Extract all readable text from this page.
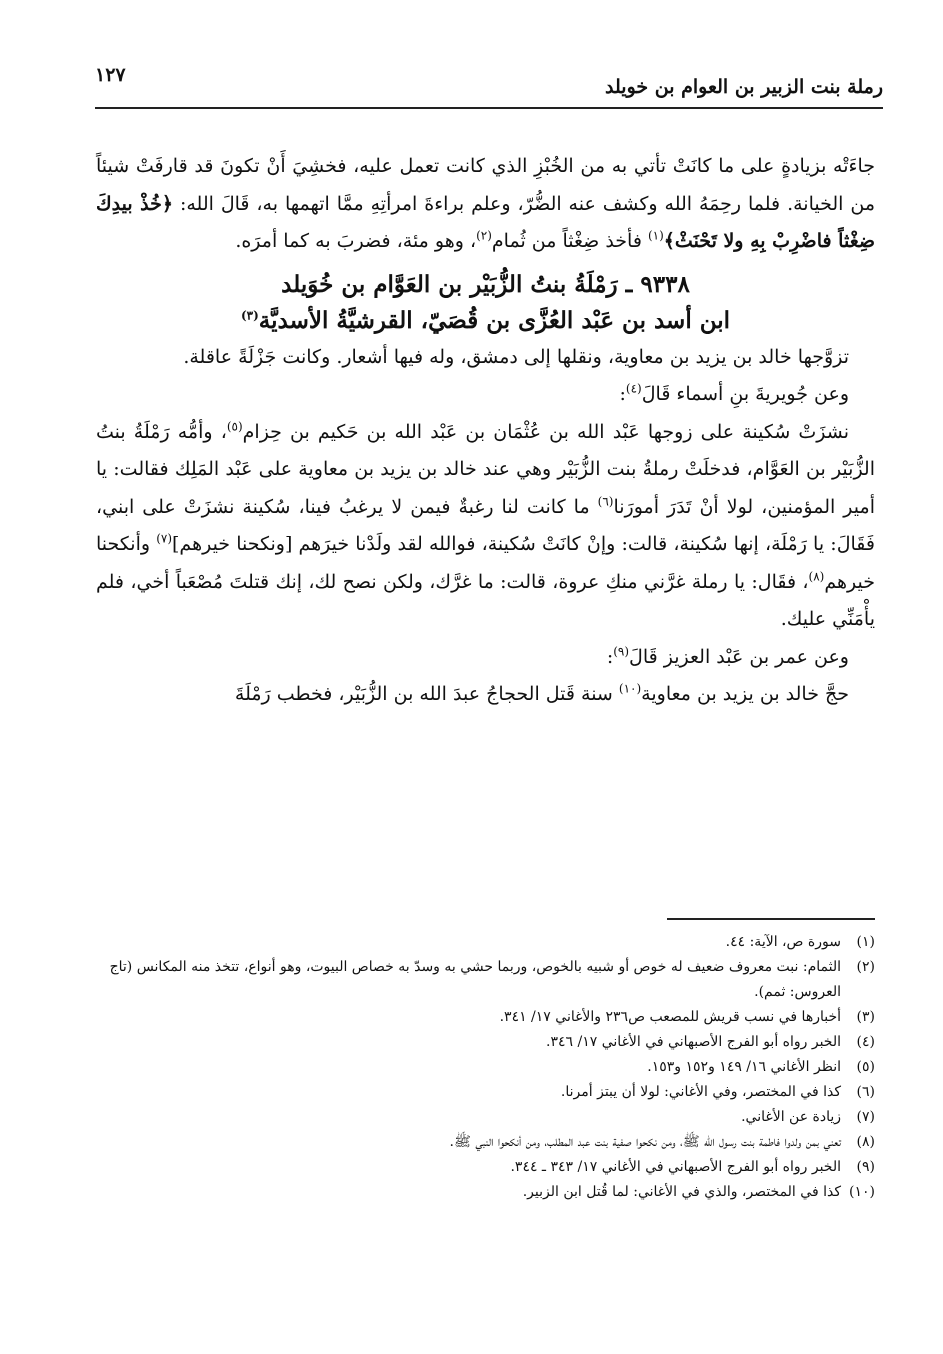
رملة بنت الزبير بن العوام بن خويلد
١٢٧

جاءَتْه بزيادةٍ على ما كانَتْ تأتي به من الخُبْزِ الذي كانت تعمل عليه، فخشِيَ أَنْ تكونَ قد قارفَتْ شيئاً من الخيانة. فلما رحِمَهُ الله وكشف عنه الضُّرّ، وعلم براءةَ امرأتِهِ ممَّا اتهمها به، قَالَ الله: ﴿خُذْ بيدِكَ ضِغْثاً فاضْرِبْ بِهِ ولا تَحْنَثْ﴾$^{(١)}$ فأخذ ضِغْثاً من ثُمام$^{(٢)}$، وهو مئة، فضربَ به كما أمرَه.

٩٣٣٨ ـ رَمْلَةُ بنتُ الزُّبَيْر بن العَوَّام بن خُوَيلد
ابن أسد بن عَبْد العُزَّى بن قُصَيّ، القرشيَّةُ الأسديَّة$^{(٣)}$

تزوَّجها خالد بن يزيد بن معاوية، ونقلها إلى دمشق، وله فيها أشعار. وكانت جَزْلَةً عاقلة.

وعن جُويريةَ بنِ أسماء قَالَ$^{(٤)}$:

نشزَتْ سُكينة على زوجها عَبْد الله بن عُثْمَان بن عَبْد الله بن حَكيم بن حِزام$^{(٥)}$، وأمُّه رَمْلَةُ بنتُ الزُّبَيْر بن العَوَّام، فدخلَتْ رملةُ بنت الزُّبَيْر وهي عند خالد بن يزيد بن معاوية على عَبْد المَلِك فقالت: يا أمير المؤمنين، لولا أنْ تَدَرَ أمورَنا$^{(٦)}$ ما كانت لنا رغبةٌ فيمن لا يرغبُ فينا، سُكينة نشزَتْ على ابني، فَقَالَ: يا رَمْلَة، إنها سُكينة، قالت: وإنْ كانَتْ سُكينة، فوالله لقد ولَدْنا خيرَهم [ونكحنا خيرهم]$^{(٧)}$ وأنكحنا خيرهم$^{(٨)}$، فقَال: يا رملة غرَّني منكِ عروة، قالت: ما غرَّك، ولكن نصح لك، إنك قتلتَ مُصْعَباً أخي، فلم يأْمَنِّي عليك.

وعن عمر بن عَبْد العزيز قَالَ$^{(٩)}$:

حجَّ خالد بن يزيد بن معاوية$^{(١٠)}$ سنة قَتل الحجاجُ عبدَ الله بن الزُّبَيْر، فخطب رَمْلَةَ

(١)
سورة ص، الآية: ٤٤.

(٢)
الثمام: نبت معروف ضعيف له خوص أو شبيه بالخوص، وربما حشي به وسدّ به خصاص البيوت، وهو أنواع، تتخذ منه المكانس (تاج العروس: ثمم).

(٣)
أخبارها في نسب قريش للمصعب ص٢٣٦ والأغاني ١٧/ ٣٤١.

(٤)
الخبر رواه أبو الفرج الأصبهاني في الأغاني ١٧/ ٣٤٦.

(٥)
انظر الأغاني ١٦/ ١٤٩ و١٥٢ و١٥٣.

(٦)
كذا في المختصر، وفي الأغاني: لولا أن يبتز أمرنا.

(٧)
زيادة عن الأغاني.

(٨)
تعني بمن ولدوا فاطمة بنت رسول الله ﷺ، ومن نكحوا صفية بنت عبد المطلب، ومن أنكحوا النبي ﷺ.

(٩)
الخبر رواه أبو الفرج الأصبهاني في الأغاني ١٧/ ٣٤٣ ـ ٣٤٤.

(١٠)
كذا في المختصر، والذي في الأغاني: لما قُتل ابن الزبير.
